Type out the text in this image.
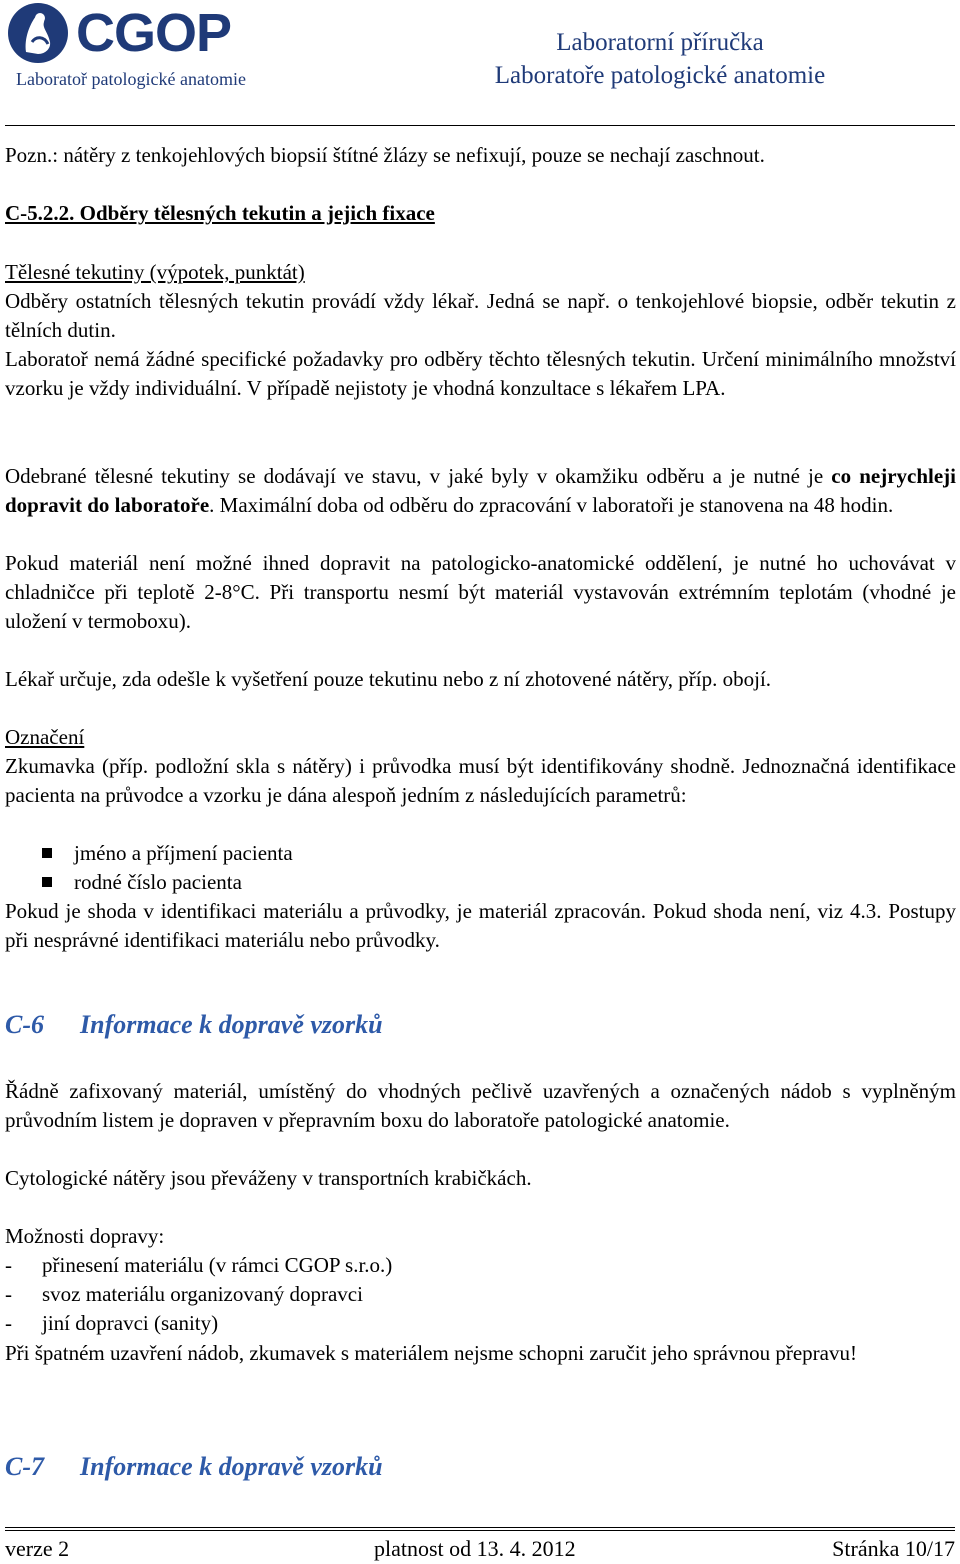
CGOP
Laboratoř patologické anatomie
Laboratorní příručka
Laboratoře patologické anatomie
Pozn.: nátěry z tenkojehlových biopsií štítné žlázy se nefixují, pouze se nechají zaschnout.
C-5.2.2. Odběry tělesných tekutin a jejich fixace
Tělesné tekutiny (výpotek, punktát)
Odběry ostatních tělesných tekutin provádí vždy lékař. Jedná se např. o tenkojehlové biopsie, odběr tekutin z tělních dutin.
Laboratoř nemá žádné specifické požadavky pro odběry těchto tělesných tekutin. Určení minimálního množství vzorku je vždy individuální. V případě nejistoty je vhodná konzultace s lékařem LPA.
Odebrané tělesné tekutiny se dodávají ve stavu, v jaké byly v okamžiku odběru a je nutné je co nejrychleji dopravit do laboratoře. Maximální doba od odběru do zpracování v laboratoři je stanovena na 48 hodin.
Pokud materiál není možné ihned dopravit na patologicko-anatomické oddělení, je nutné ho uchovávat v chladničce při teplotě 2-8°C. Při transportu nesmí být materiál vystavován extrémním teplotám (vhodné je uložení v termoboxu).
Lékař určuje, zda odešle k vyšetření pouze tekutinu nebo z ní zhotovené nátěry, příp. obojí.
Označení
Zkumavka (příp. podložní skla s nátěry) i průvodka musí být identifikovány shodně. Jednoznačná identifikace pacienta na průvodce a vzorku je dána alespoň jedním z následujících parametrů:
jméno a příjmení pacienta
rodné číslo pacienta
Pokud je shoda v identifikaci materiálu a průvodky, je materiál zpracován. Pokud shoda není, viz 4.3. Postupy při nesprávné identifikaci materiálu nebo průvodky.
C-6 Informace k dopravě vzorků
Řádně zafixovaný materiál, umístěný do vhodných pečlivě uzavřených a označených nádob s vyplněným průvodním listem je dopraven v přepravním boxu do laboratoře patologické anatomie.
Cytologické nátěry jsou převáženy v transportních krabičkách.
Možnosti dopravy:
- přinesení materiálu (v rámci CGOP s.r.o.)
- svoz materiálu organizovaný dopravci
- jiní dopravci (sanity)
Při špatném uzavření nádob, zkumavek s materiálem nejsme schopni zaručit jeho správnou přepravu!
C-7 Informace k dopravě vzorků
verze 2	platnost od 13. 4. 2012	Stránka 10/17
